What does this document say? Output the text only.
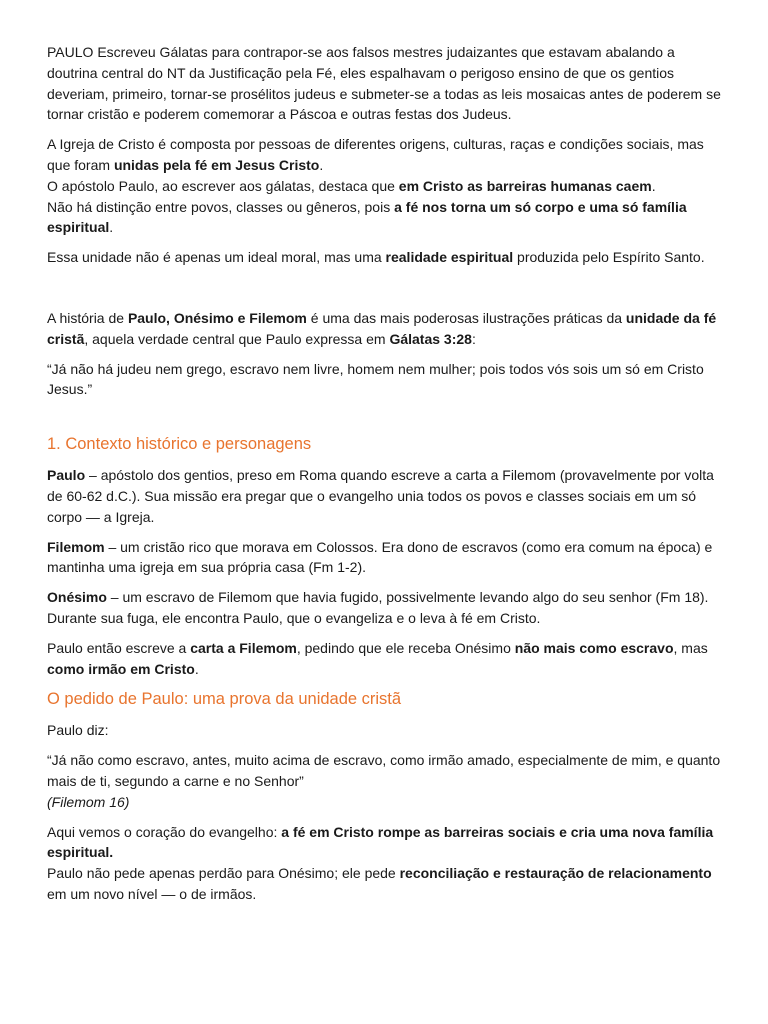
PAULO Escreveu Gálatas para contrapor-se aos falsos mestres judaizantes que estavam abalando a doutrina central do NT da Justificação pela Fé, eles espalhavam o perigoso ensino de que os gentios deveriam, primeiro, tornar-se prosélitos judeus e submeter-se a todas as leis mosaicas antes de poderem se tornar cristão e poderem comemorar a Páscoa e outras festas dos Judeus.

A Igreja de Cristo é composta por pessoas de diferentes origens, culturas, raças e condições sociais, mas que foram unidas pela fé em Jesus Cristo.
O apóstolo Paulo, ao escrever aos gálatas, destaca que em Cristo as barreiras humanas caem.
Não há distinção entre povos, classes ou gêneros, pois a fé nos torna um só corpo e uma só família espiritual.

Essa unidade não é apenas um ideal moral, mas uma realidade espiritual produzida pelo Espírito Santo.

A história de Paulo, Onésimo e Filemom é uma das mais poderosas ilustrações práticas da unidade da fé cristã, aquela verdade central que Paulo expressa em Gálatas 3:28:

“Já não há judeu nem grego, escravo nem livre, homem nem mulher; pois todos vós sois um só em Cristo Jesus.”

1. Contexto histórico e personagens

Paulo – apóstolo dos gentios, preso em Roma quando escreve a carta a Filemom (provavelmente por volta de 60-62 d.C.). Sua missão era pregar que o evangelho unia todos os povos e classes sociais em um só corpo — a Igreja.

Filemom – um cristão rico que morava em Colossos. Era dono de escravos (como era comum na época) e mantinha uma igreja em sua própria casa (Fm 1-2).

Onésimo – um escravo de Filemom que havia fugido, possivelmente levando algo do seu senhor (Fm 18). Durante sua fuga, ele encontra Paulo, que o evangeliza e o leva à fé em Cristo.

Paulo então escreve a carta a Filemom, pedindo que ele receba Onésimo não mais como escravo, mas como irmão em Cristo.

O pedido de Paulo: uma prova da unidade cristã

Paulo diz:

“Já não como escravo, antes, muito acima de escravo, como irmão amado, especialmente de mim, e quanto mais de ti, segundo a carne e no Senhor”
(Filemom 16)

Aqui vemos o coração do evangelho: a fé em Cristo rompe as barreiras sociais e cria uma nova família espiritual.
Paulo não pede apenas perdão para Onésimo; ele pede reconciliação e restauração de relacionamento em um novo nível — o de irmãos.
